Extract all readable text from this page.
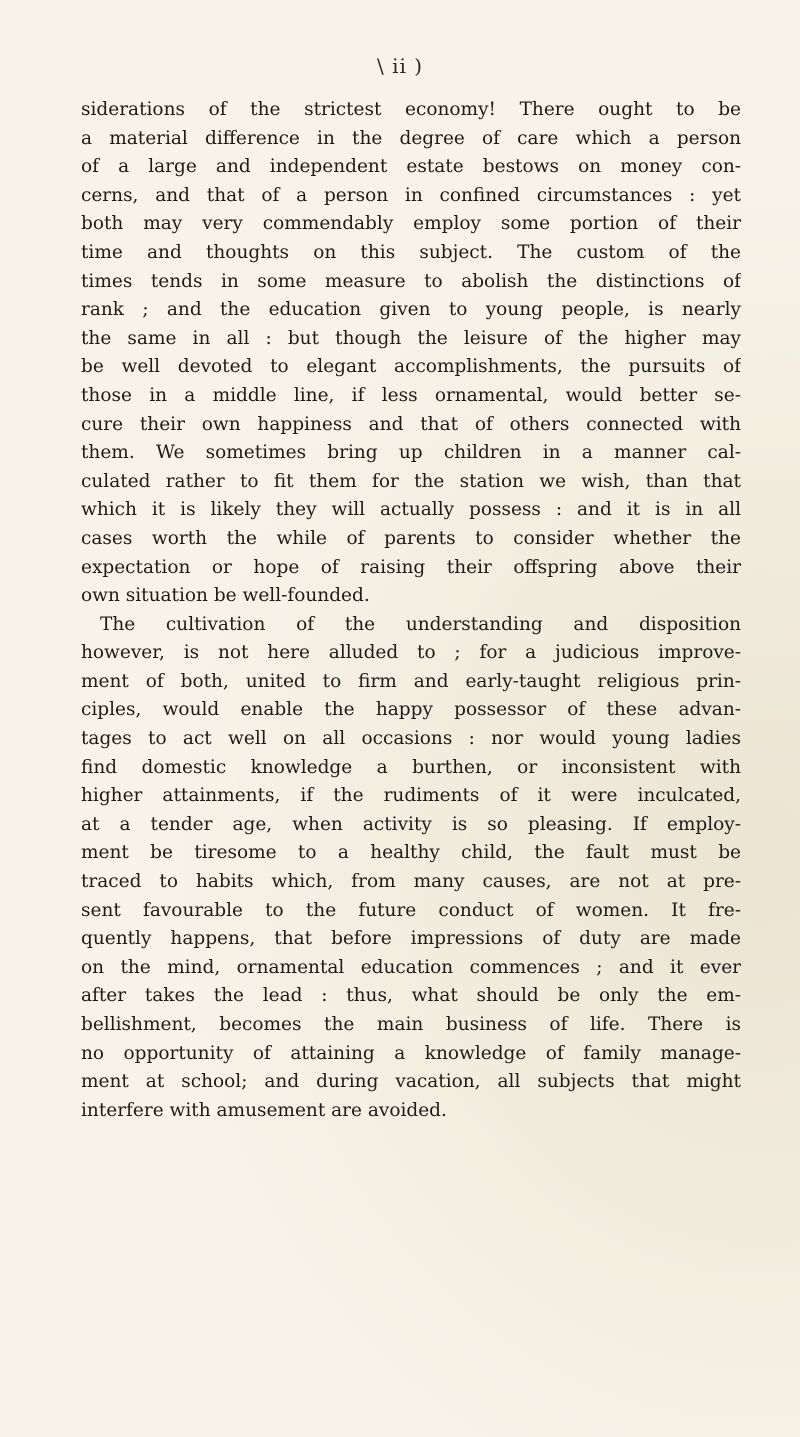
\ ii )
siderations of the strictest economy! There ought to be
a material difference in the degree of care which a person
of a large and independent estate bestows on money con-
cerns, and that of a person in confined circumstances : yet
both may very commendably employ some portion of their
time and thoughts on this subject. The custom of the
times tends in some measure to abolish the distinctions of
rank ; and the education given to young people, is nearly
the same in all : but though the leisure of the higher may
be well devoted to elegant accomplishments, the pursuits of
those in a middle line, if less ornamental, would better se-
cure their own happiness and that of others connected with
them. We sometimes bring up children in a manner cal-
culated rather to fit them for the station we wish, than that
which it is likely they will actually possess : and it is in all
cases worth the while of parents to consider whether the
expectation or hope of raising their offspring above their
own situation be well-founded.
The cultivation of the understanding and disposition
however, is not here alluded to ; for a judicious improve-
ment of both, united to firm and early-taught religious prin-
ciples, would enable the happy possessor of these advan-
tages to act well on all occasions : nor would young ladies
find domestic knowledge a burthen, or inconsistent with
higher attainments, if the rudiments of it were inculcated,
at a tender age, when activity is so pleasing. If employ-
ment be tiresome to a healthy child, the fault must be
traced to habits which, from many causes, are not at pre-
sent favourable to the future conduct of women. It fre-
quently happens, that before impressions of duty are made
on the mind, ornamental education commences ; and it ever
after takes the lead : thus, what should be only the em-
bellishment, becomes the main business of life. There is
no opportunity of attaining a knowledge of family manage-
ment at school; and during vacation, all subjects that might
interfere with amusement are avoided.
